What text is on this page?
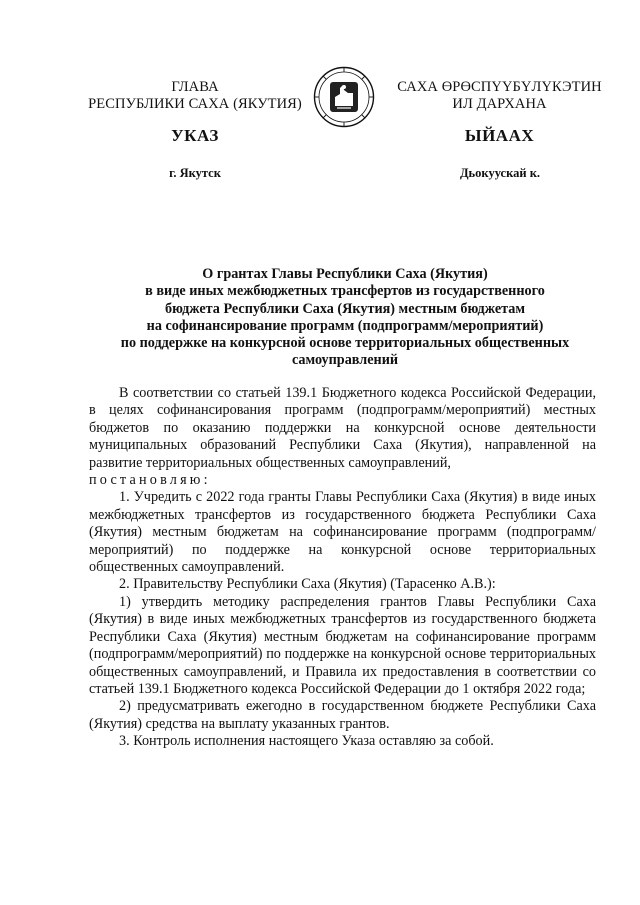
ГЛАВА
РЕСПУБЛИКИ САХА (ЯКУТИЯ)
САХА ӨРӨСПҮҮБҮЛҮКЭТИН
ИЛ ДАРХАНА
УКАЗ	ЫЙААХ
г. Якутск	Дьокуускай к.
О грантах Главы Республики Саха (Якутия)
в виде иных межбюджетных трансфертов из государственного
бюджета Республики Саха (Якутия) местным бюджетам
на софинансирование программ (подпрограмм/мероприятий)
по поддержке на конкурсной основе территориальных общественных
самоуправлений

В соответствии со статьей 139.1 Бюджетного кодекса Российской Федерации, в целях софинансирования программ (подпрограмм/мероприятий) местных бюджетов по оказанию поддержки на конкурсной основе деятельности муниципальных образований Республики Саха (Якутия), направленной на развитие территориальных общественных самоуправлений,

постановляю:

1. Учредить с 2022 года гранты Главы Республики Саха (Якутия) в виде иных межбюджетных трансфертов из государственного бюджета Республики Саха (Якутия) местным бюджетам на софинансирование программ (подпрограмм/мероприятий) по поддержке на конкурсной основе территориальных общественных самоуправлений.

2. Правительству Республики Саха (Якутия) (Тарасенко А.В.):

1) утвердить методику распределения грантов Главы Республики Саха (Якутия) в виде иных межбюджетных трансфертов из государственного бюджета Республики Саха (Якутия) местным бюджетам на софинансирование программ (подпрограмм/мероприятий) по поддержке на конкурсной основе территориальных общественных самоуправлений, и Правила их предоставления в соответствии со статьей 139.1 Бюджетного кодекса Российской Федерации до 1 октября 2022 года;

2) предусматривать ежегодно в государственном бюджете Республики Саха (Якутия) средства на выплату указанных грантов.

3. Контроль исполнения настоящего Указа оставляю за собой.
